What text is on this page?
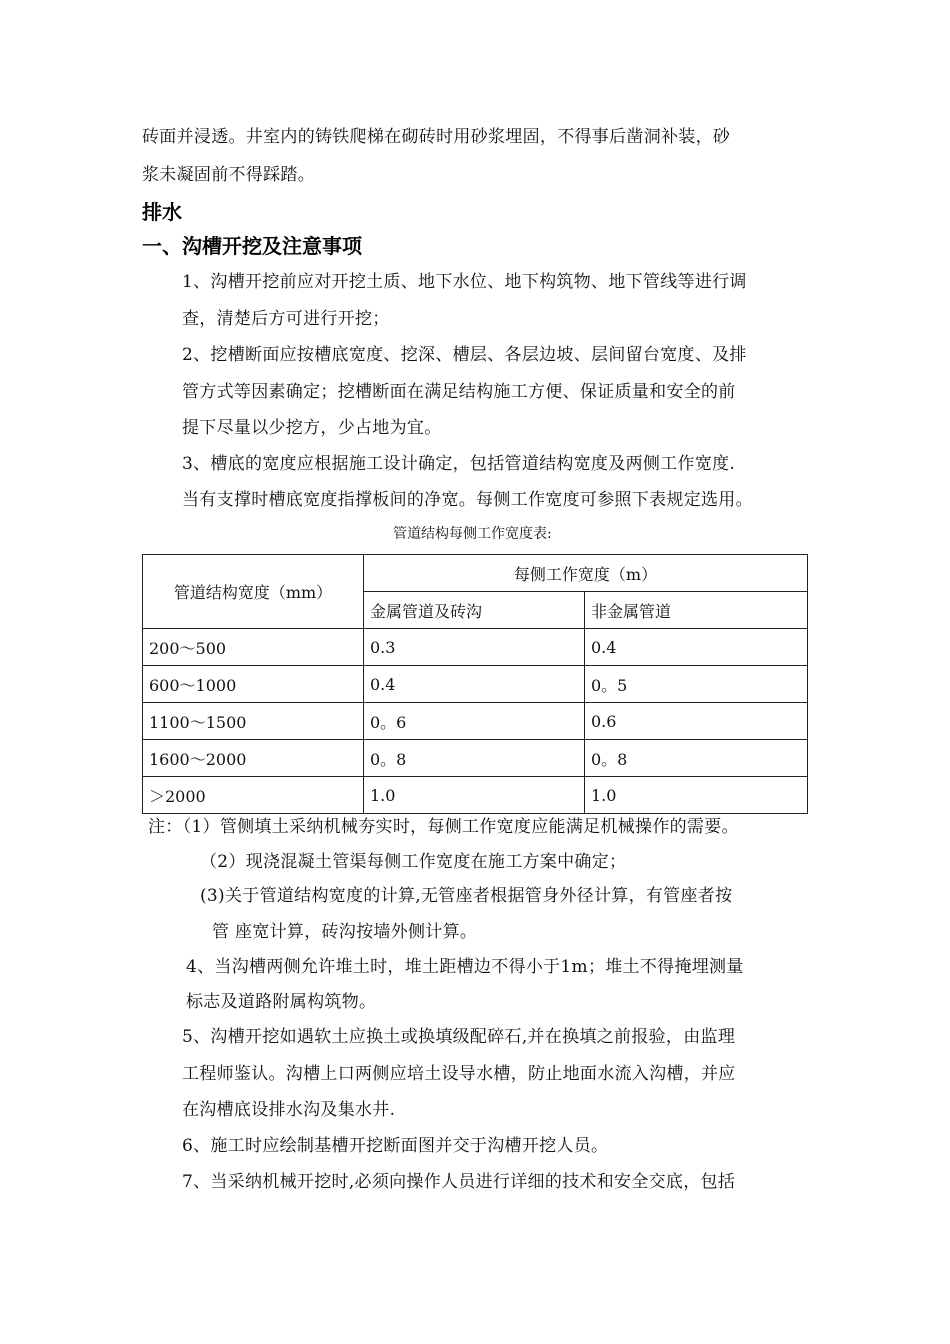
砖面并浸透。井室内的铸铁爬梯在砌砖时用砂浆埋固，不得事后凿洞补装，砂
浆未凝固前不得踩踏。
排水
一、沟槽开挖及注意事项
1、沟槽开挖前应对开挖土质、地下水位、地下构筑物、地下管线等进行调
查，清楚后方可进行开挖；
2、挖槽断面应按槽底宽度、挖深、槽层、各层边坡、层间留台宽度、及排
管方式等因素确定；挖槽断面在满足结构施工方便、保证质量和安全的前
提下尽量以少挖方，少占地为宜。
3、槽底的宽度应根据施工设计确定，包括管道结构宽度及两侧工作宽度.
当有支撑时槽底宽度指撑板间的净宽。每侧工作宽度可参照下表规定选用。
管道结构每侧工作宽度表:
管道结构宽度（mm）	每侧工作宽度（m）	
	金属管道及砖沟	非金属管道
200～500	0.3	0.4
600～1000	0.4	0。5
1100～1500	0。6	0.6
1600～2000	0。8	0。8
＞2000	1.0	1.0
注：（1）管侧填土采纳机械夯实时，每侧工作宽度应能满足机械操作的需要。
（2）现浇混凝土管渠每侧工作宽度在施工方案中确定；
(3)关于管道结构宽度的计算,无管座者根据管身外径计算，有管座者按
管 座宽计算，砖沟按墙外侧计算。
4、当沟槽两侧允许堆土时，堆土距槽边不得小于1m；堆土不得掩埋测量
标志及道路附属构筑物。
5、沟槽开挖如遇软土应换土或换填级配碎石,并在换填之前报验，由监理
工程师鉴认。沟槽上口两侧应培土设导水槽，防止地面水流入沟槽，并应
在沟槽底设排水沟及集水井.
6、施工时应绘制基槽开挖断面图并交于沟槽开挖人员。
7、当采纳机械开挖时,必须向操作人员进行详细的技术和安全交底，包括
